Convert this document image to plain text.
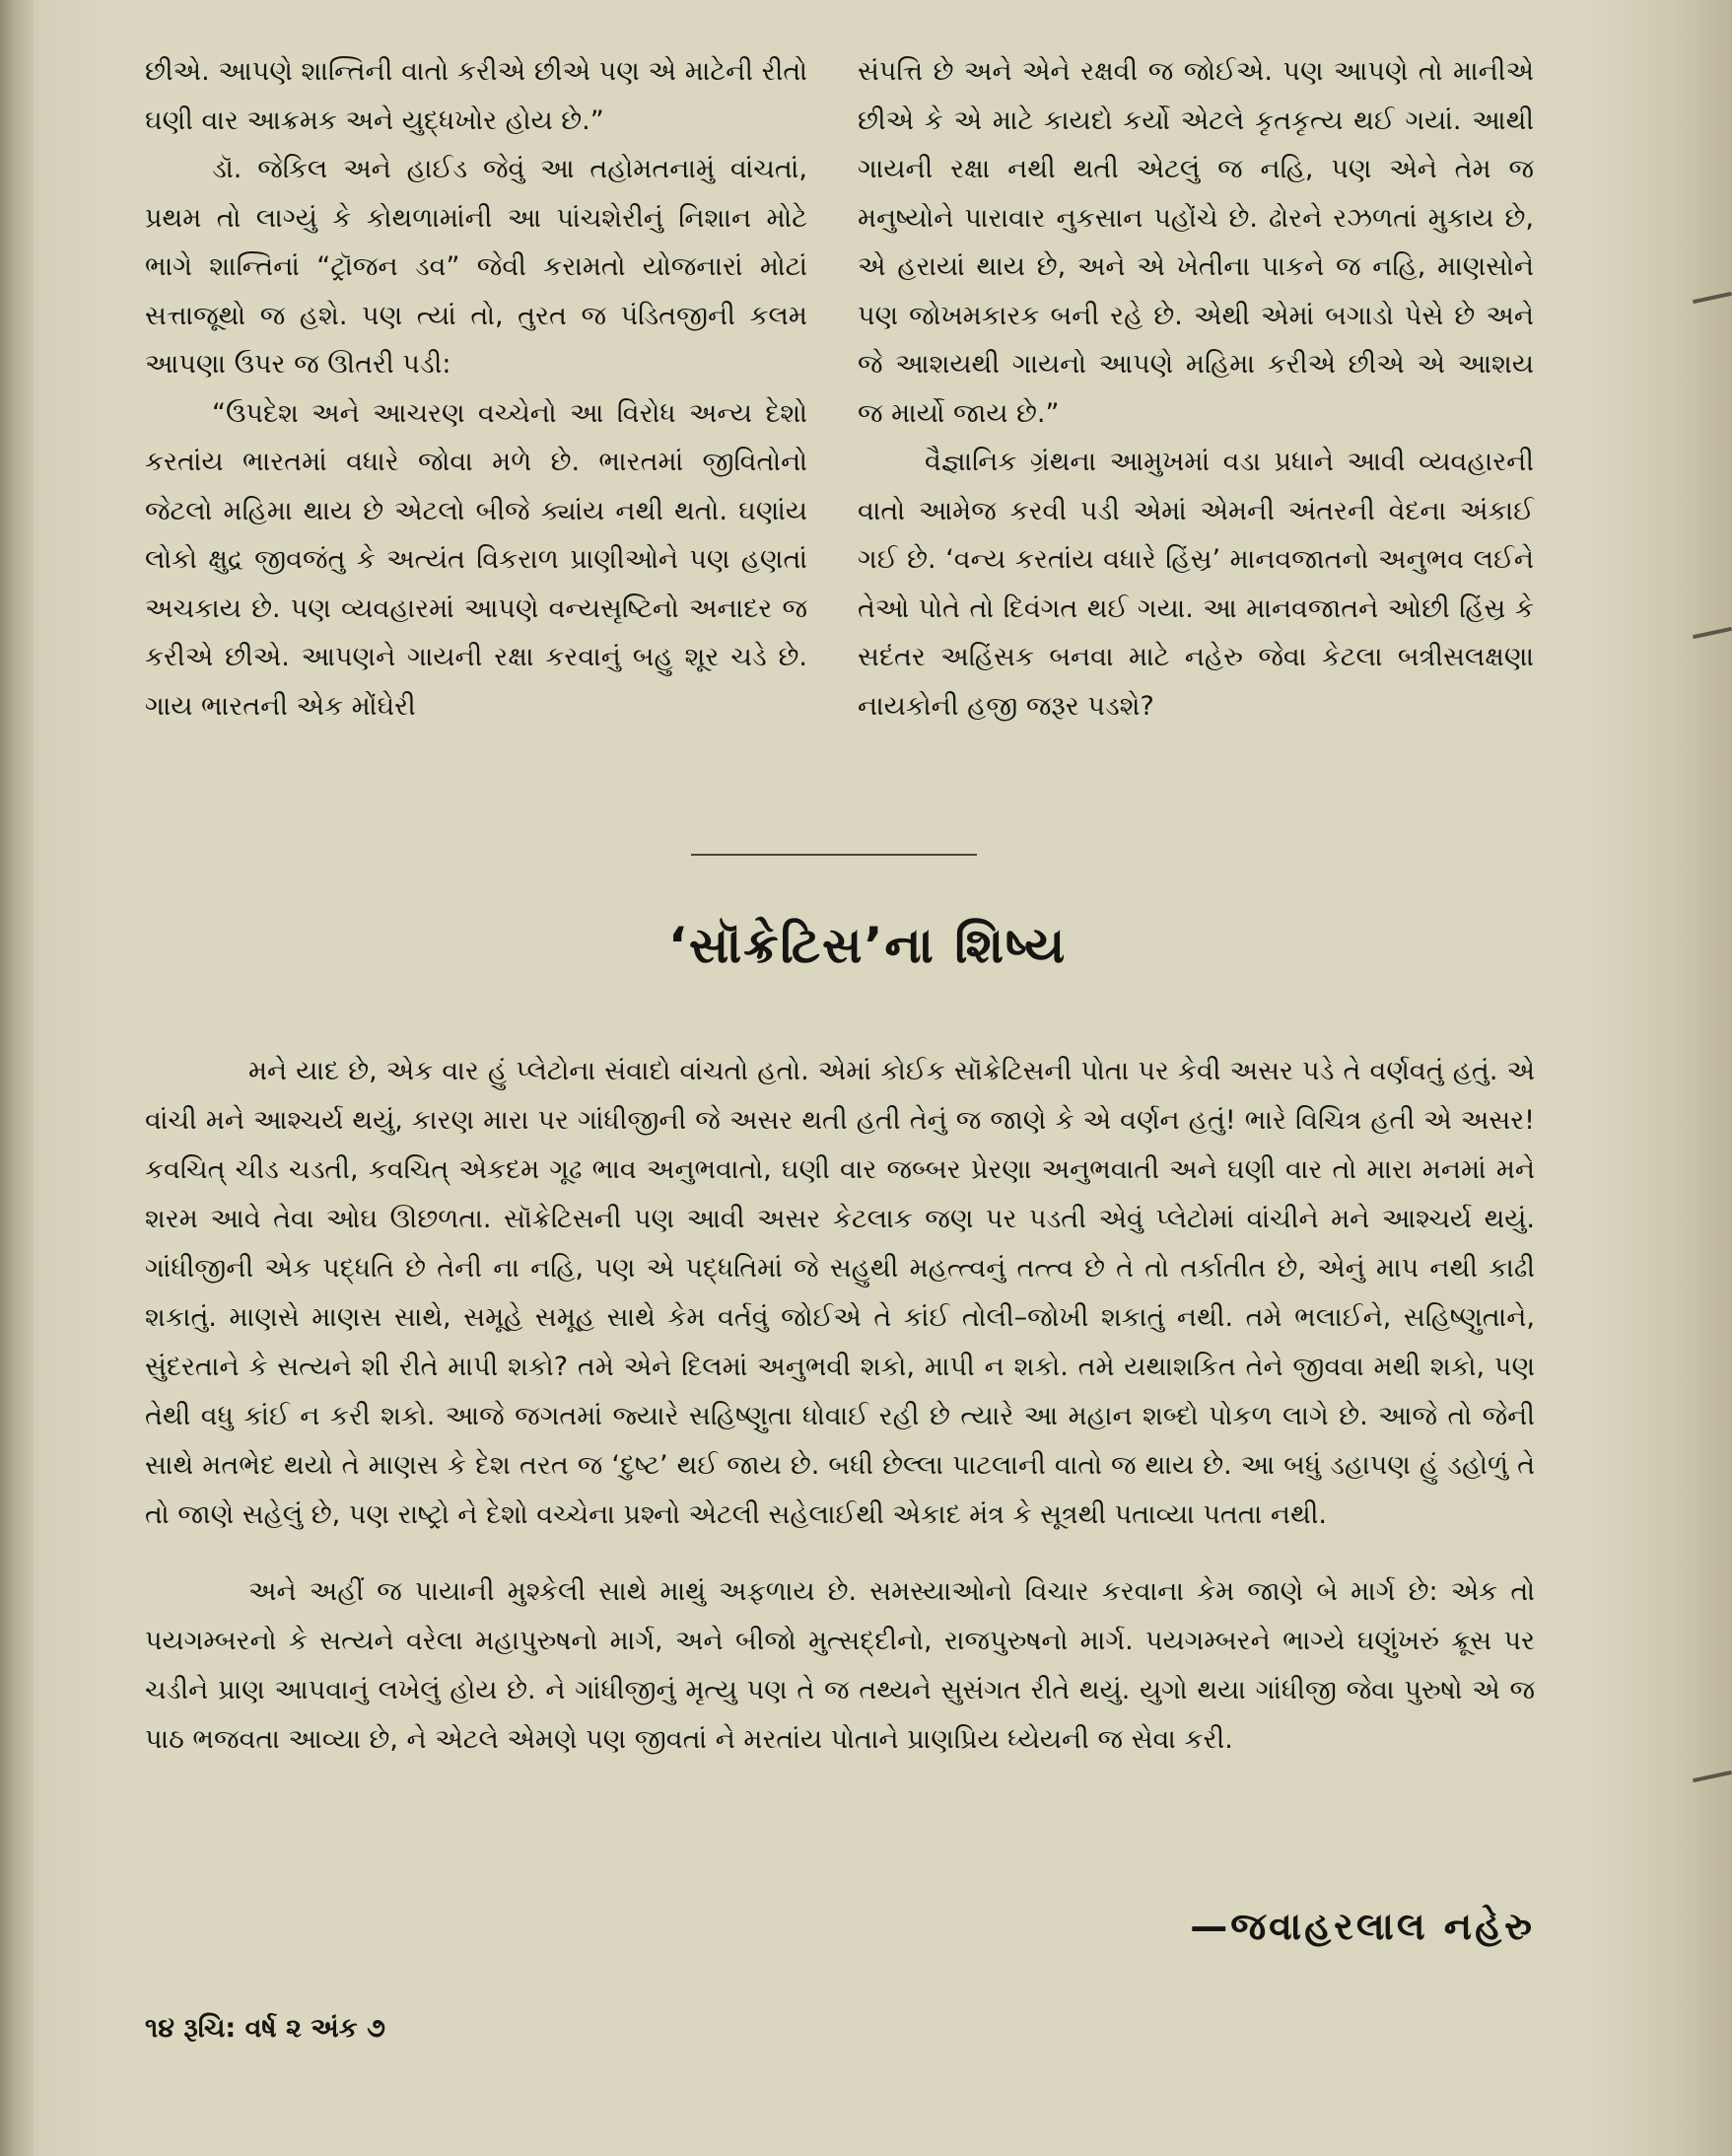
છીએ. આપણે શાન્તિની વાતો કરીએ છીએ પણ એ માટેની રીતો ઘણી વાર આક્રમક અને યુદ્ધખોર હોય છે.”

ડૉ. જેકિલ અને હાઈડ જેવું આ તહોમતનામું વાંચતાં, પ્રથમ તો લાગ્યું કે કોથળામાંની આ પાંચશેરીનું નિશાન મોટે ભાગે શાન્તિનાં “ટ્રૉજન ડવ” જેવી કરામતો યોજનારાં મોટાં સત્તાજૂથો જ હશે. પણ ત્યાં તો, તુરત જ પંડિતજીની કલમ આપણા ઉપર જ ઊતરી પડી:

“ઉપદેશ અને આચરણ વચ્ચેનો આ વિરોધ અન્ય દેશો કરતાંય ભારતમાં વધારે જોવા મળે છે. ભારતમાં જીવિતોનો જેટલો મહિમા થાય છે એટલો બીજે ક્યાંય નથી થતો. ઘણાંય લોકો ક્ષુદ્ર જીવજંતુ કે અત્યંત વિકરાળ પ્રાણીઓને પણ હણતાં અચકાય છે. પણ વ્યવહારમાં આપણે વન્યસૃષ્ટિનો અનાદર જ કરીએ છીએ. આપણને ગાયની રક્ષા કરવાનું બહુ શૂર ચડે છે. ગાય ભારતની એક મોંઘેરી

સંપત્તિ છે અને એને રક્ષવી જ જોઈએ. પણ આપણે તો માનીએ છીએ કે એ માટે કાયદો કર્યો એટલે કૃતકૃત્ય થઈ ગયાં. આથી ગાયની રક્ષા નથી થતી એટલું જ નહિ, પણ એને તેમ જ મનુષ્યોને પારાવાર નુકસાન પહોંચે છે. ઢોરને રઝળતાં મુકાય છે, એ હરાયાં થાય છે, અને એ ખેતીના પાકને જ નહિ, માણસોને પણ જોખમકારક બની રહે છે. એથી એમાં બગાડો પેસે છે અને જે આશયથી ગાયનો આપણે મહિમા કરીએ છીએ એ આશય જ માર્યો જાય છે.”

વૈજ્ઞાનિક ગ્રંથના આમુખમાં વડા પ્રધાને આવી વ્યવહારની વાતો આમેજ કરવી પડી એમાં એમની અંતરની વેદના અંકાઈ ગઈ છે. ‘વન્ય કરતાંય વધારે હિંસ્ર’ માનવજાતનો અનુભવ લઈને તેઓ પોતે તો દિવંગત થઈ ગયા. આ માનવજાતને ઓછી હિંસ્ર કે સદંતર અહિંસક બનવા માટે નહેરુ જેવા કેટલા બત્રીસલક્ષણા નાયકોની હજી જરૂર પડશે?

‘સૉક્રેટિસ’ના શિષ્ય

મને યાદ છે, એક વાર હું પ્લેટોના સંવાદો વાંચતો હતો. એમાં કોઈક સૉક્રેટિસની પોતા પર કેવી અસર પડે તે વર્ણવતું હતું. એ વાંચી મને આશ્ચર્ય થયું, કારણ મારા પર ગાંધીજીની જે અસર થતી હતી તેનું જ જાણે કે એ વર્ણન હતું! ભારે વિચિત્ર હતી એ અસર! કવચિત્ ચીડ ચડતી, કવચિત્ એકદમ ગૂઢ ભાવ અનુભવાતો, ઘણી વાર જબ્બર પ્રેરણા અનુભવાતી અને ઘણી વાર તો મારા મનમાં મને શરમ આવે તેવા ઓઘ ઊછળતા. સૉક્રેટિસની પણ આવી અસર કેટલાક જણ પર પડતી એવું પ્લેટોમાં વાંચીને મને આશ્ચર્ય થયું. ગાંધીજીની એક પદ્ધતિ છે તેની ના નહિ, પણ એ પદ્ધતિમાં જે સહુથી મહત્ત્વનું તત્ત્વ છે તે તો તર્કાતીત છે, એનું માપ નથી કાઢી શકાતું. માણસે માણસ સાથે, સમૂહે સમૂહ સાથે કેમ વર્તવું જોઈએ તે કાંઈ તોલી–જોખી શકાતું નથી. તમે ભલાઈને, સહિષ્ણુતાને, સુંદરતાને કે સત્યને શી રીતે માપી શકો? તમે એને દિલમાં અનુભવી શકો, માપી ન શકો. તમે યથાશકિત તેને જીવવા મથી શકો, પણ તેથી વધુ કાંઈ ન કરી શકો. આજે જગતમાં જ્યારે સહિષ્ણુતા ધોવાઈ રહી છે ત્યારે આ મહાન શબ્દો પોકળ લાગે છે. આજે તો જેની સાથે મતભેદ થયો તે માણસ કે દેશ તરત જ ‘દુષ્ટ’ થઈ જાય છે. બધી છેલ્લા પાટલાની વાતો જ થાય છે. આ બધું ડહાપણ હું ડહોળું તે તો જાણે સહેલું છે, પણ રાષ્ટ્રો ને દેશો વચ્ચેના પ્રશ્નો એટલી સહેલાઈથી એકાદ મંત્ર કે સૂત્રથી પતાવ્યા પતતા નથી.

અને અહીં જ પાયાની મુશ્કેલી સાથે માથું અફળાય છે. સમસ્યાઓનો વિચાર કરવાના કેમ જાણે બે માર્ગ છે: એક તો પયગમ્બરનો કે સત્યને વરેલા મહાપુરુષનો માર્ગ, અને બીજો મુત્સદ્દીનો, રાજપુરુષનો માર્ગ. પયગમ્બરને ભાગ્યે ઘણુંખરું ક્રૂસ પર ચડીને પ્રાણ આપવાનું લખેલું હોય છે. ને ગાંધીજીનું મૃત્યુ પણ તે જ તથ્યને સુસંગત રીતે થયું. યુગો થયા ગાંધીજી જેવા પુરુષો એ જ પાઠ ભજવતા આવ્યા છે, ને એટલે એમણે પણ જીવતાં ને મરતાંય પોતાને પ્રાણપ્રિય ધ્યેયની જ સેવા કરી.

—જવાહરલાલ નહેરુ
૧૪ રૂચિ: વર્ષ ૨ અંક ૭
